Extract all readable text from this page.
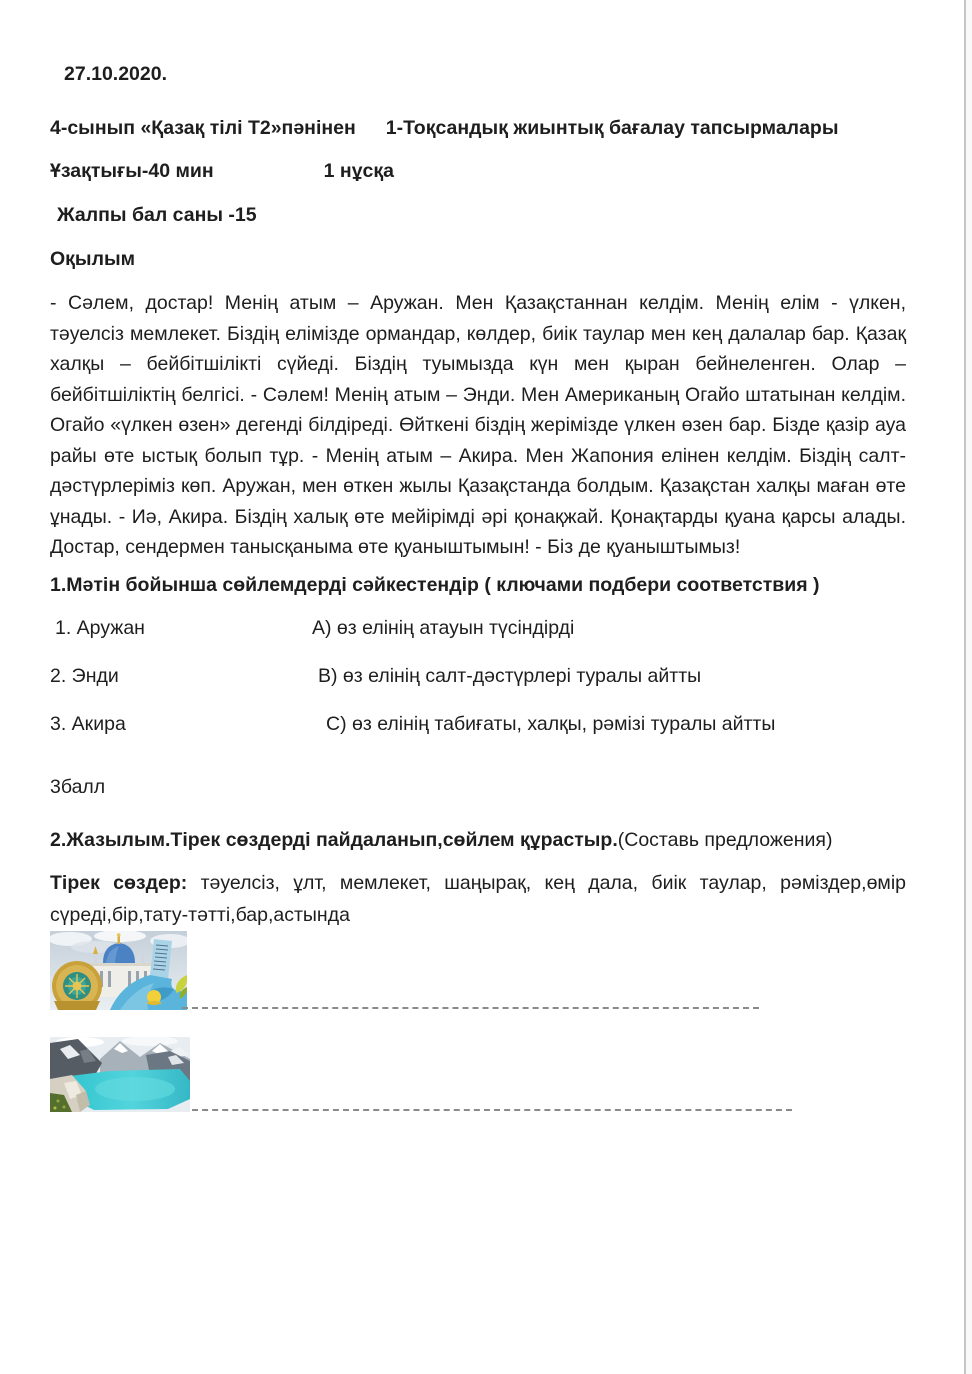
27.10.2020.

4-сынып «Қазақ тілі Т2»пәнінен 1-Тоқсандық жиынтық бағалау тапсырмалары

Ұзақтығы-40 мин	1 нұсқа

Жалпы бал саны -15

Оқылым

- Сәлем, достар! Менің атым – Аружан. Мен Қазақстаннан келдім. Менің елім - үлкен, тәуелсіз мемлекет. Біздің елімізде ормандар, көлдер, биік таулар мен кең далалар бар. Қазақ халқы – бейбітшілікті сүйеді. Біздің туымызда күн мен қыран бейнеленген. Олар – бейбітшіліктің белгісі. - Сәлем! Менің атым – Энди. Мен Американың Огайо штатынан келдім. Огайо «үлкен өзен» дегенді білдіреді. Өйткені біздің жерімізде үлкен өзен бар. Бізде қазір ауа райы өте ыстық болып тұр. - Менің атым – Акира. Мен Жапония елінен келдім. Біздің салт-дәстүрлеріміз көп. Аружан, мен өткен жылы Қазақстанда болдым. Қазақстан халқы маған өте ұнады. - Иә, Акира. Біздің халық өте мейірімді әрі қонақжай. Қонақтарды қуана қарсы алады. Достар, сендермен танысқаныма өте қуаныштымын! - Біз де қуаныштымыз!

1.Мәтін бойынша сөйлемдерді сәйкестендір ( ключами подбери соответствия )

1. Аружан	А) өз елінің атауын түсіндірді
2. Энди	В) өз елінің салт-дәстүрлері туралы айтты
3. Акира	С) өз елінің табиғаты, халқы, рәмізі туралы айтты

3балл

2.Жазылым.Тірек сөздерді пайдаланып,сөйлем құрастыр.(Составь предложения)

Тірек сөздер: тәуелсіз, ұлт, мемлекет, шаңырақ, кең дала, биік таулар, рәміздер,өмір сүреді,бір,тату-тәтті,бар,астында
